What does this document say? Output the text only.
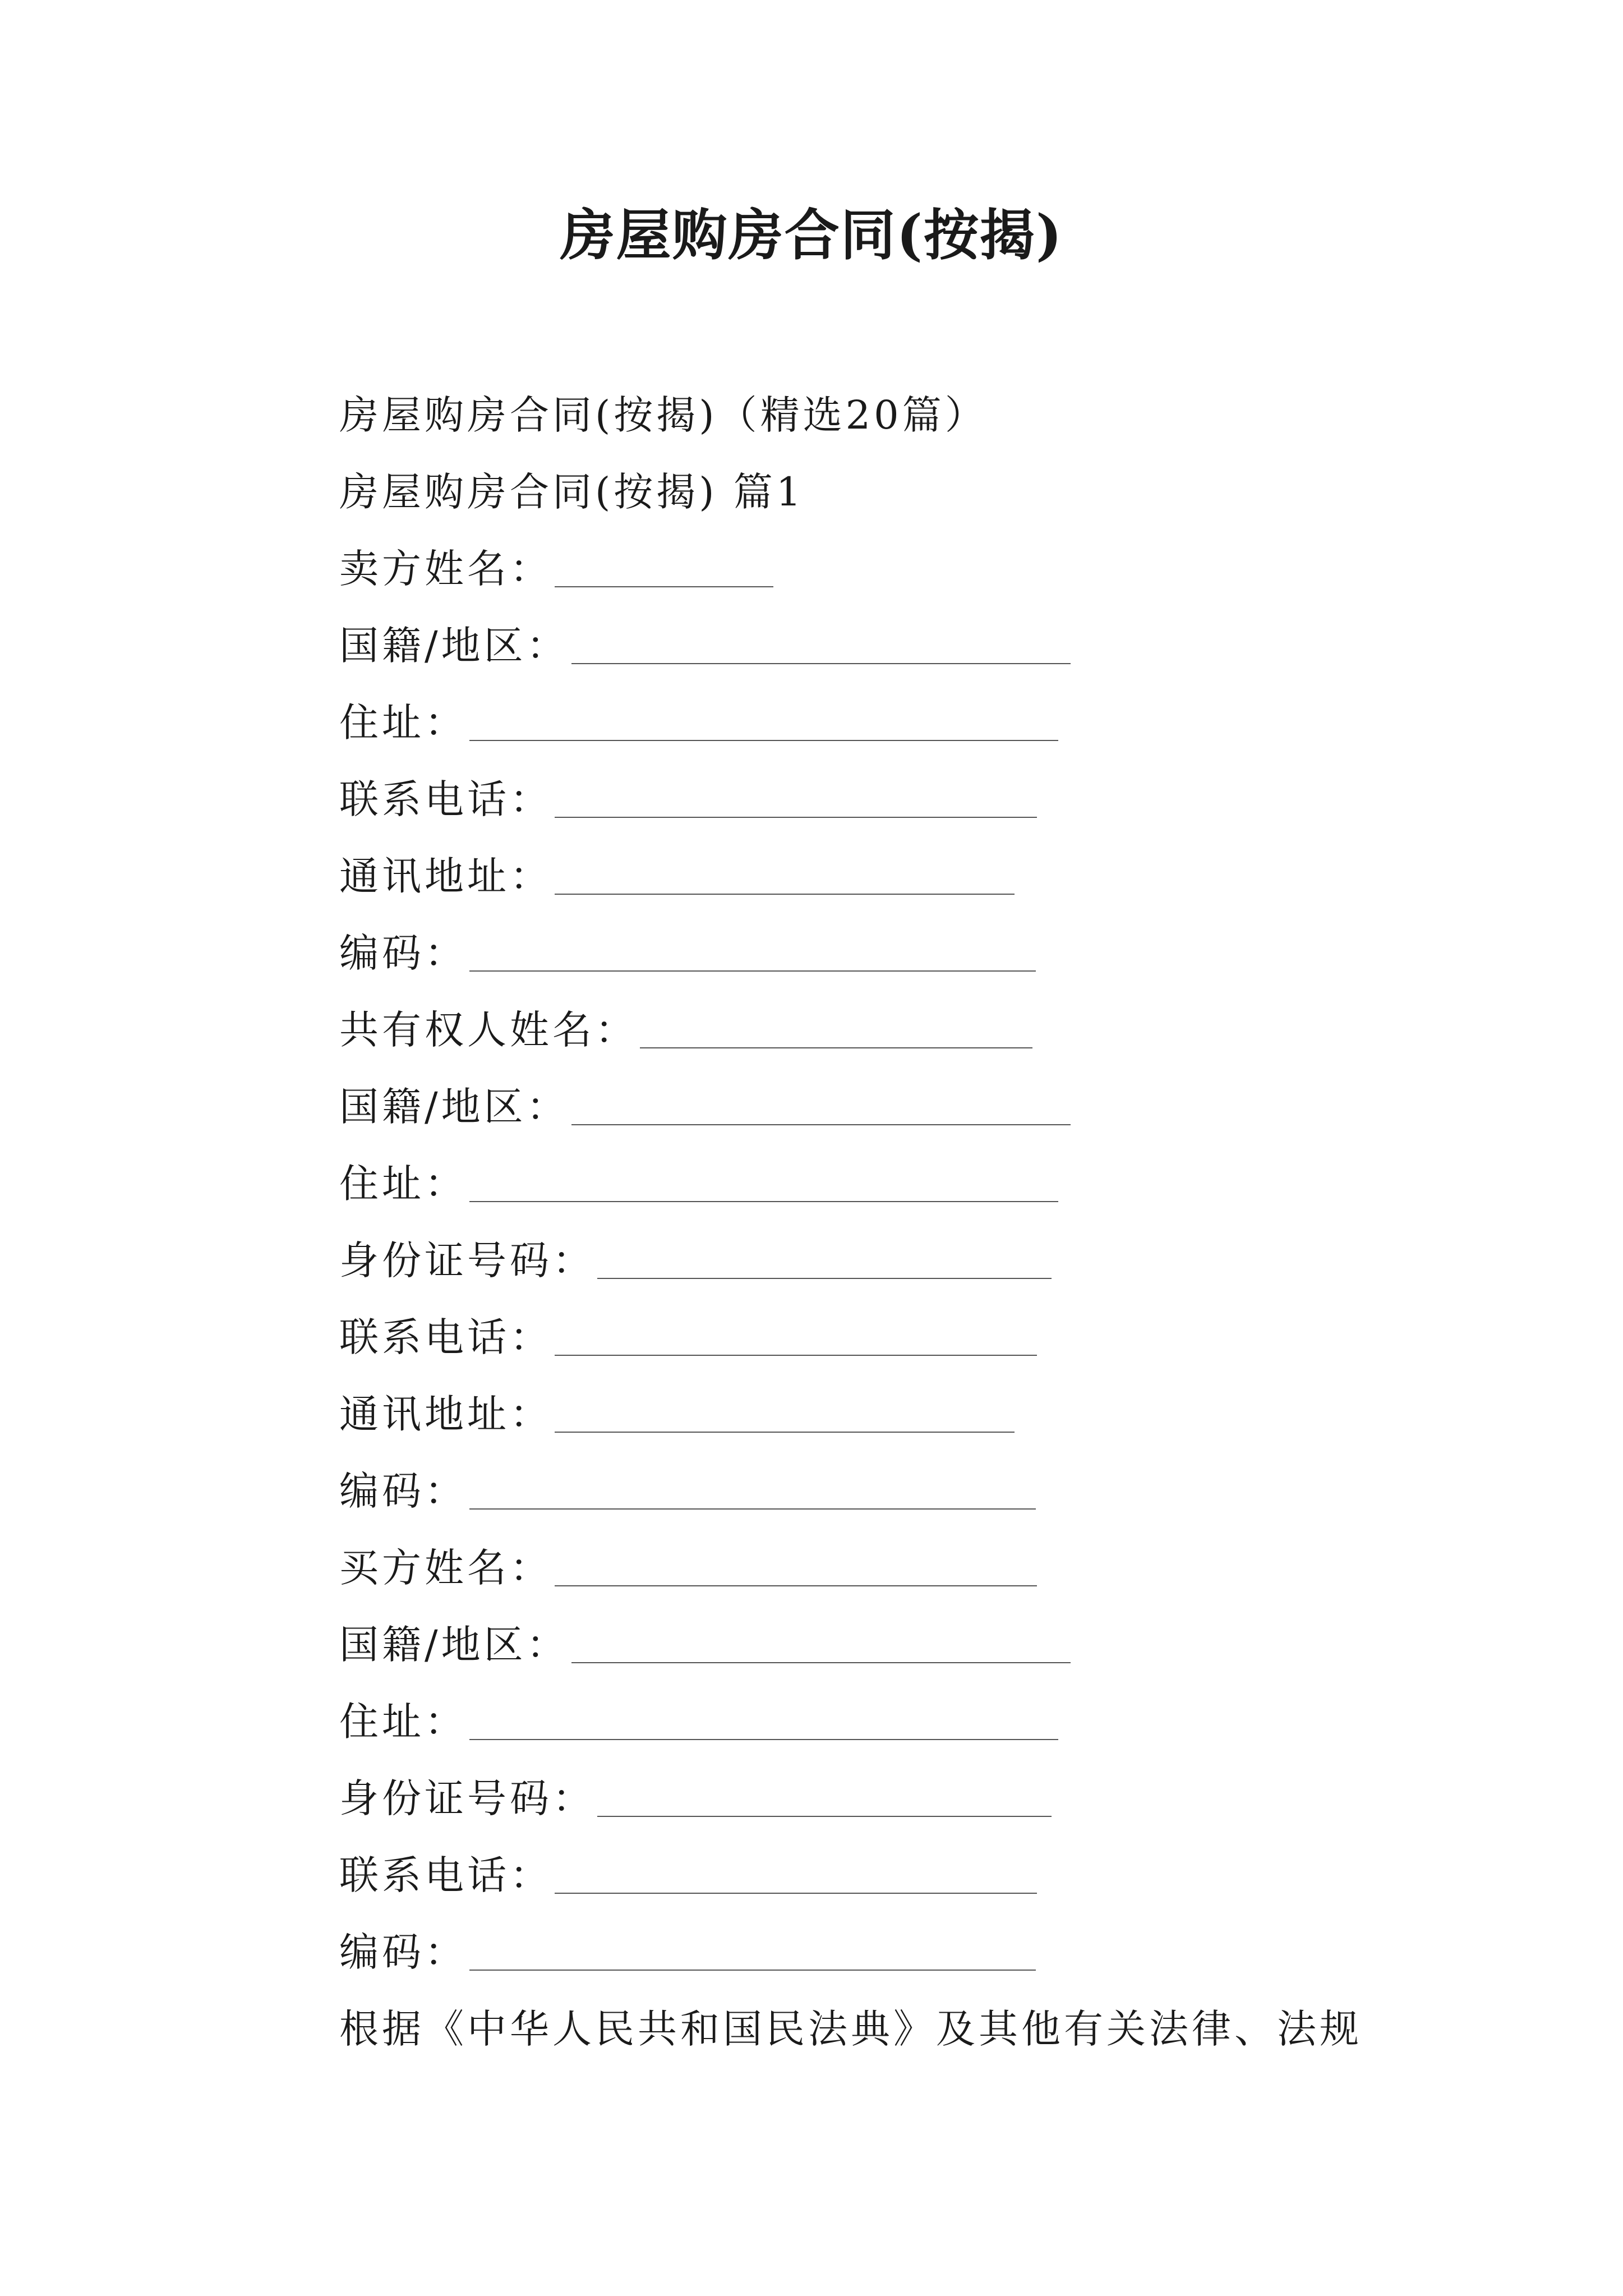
房屋购房合同(按揭)
房屋购房合同(按揭)（精选20篇）
房屋购房合同(按揭) 篇1
卖方姓名：
国籍/地区：
住址：
联系电话：
通讯地址：
编码：
共有权人姓名：
国籍/地区：
住址：
身份证号码：
联系电话：
通讯地址：
编码：
买方姓名：
国籍/地区：
住址：
身份证号码：
联系电话：
编码：
根据《中华人民共和国民法典》及其他有关法律、法规
